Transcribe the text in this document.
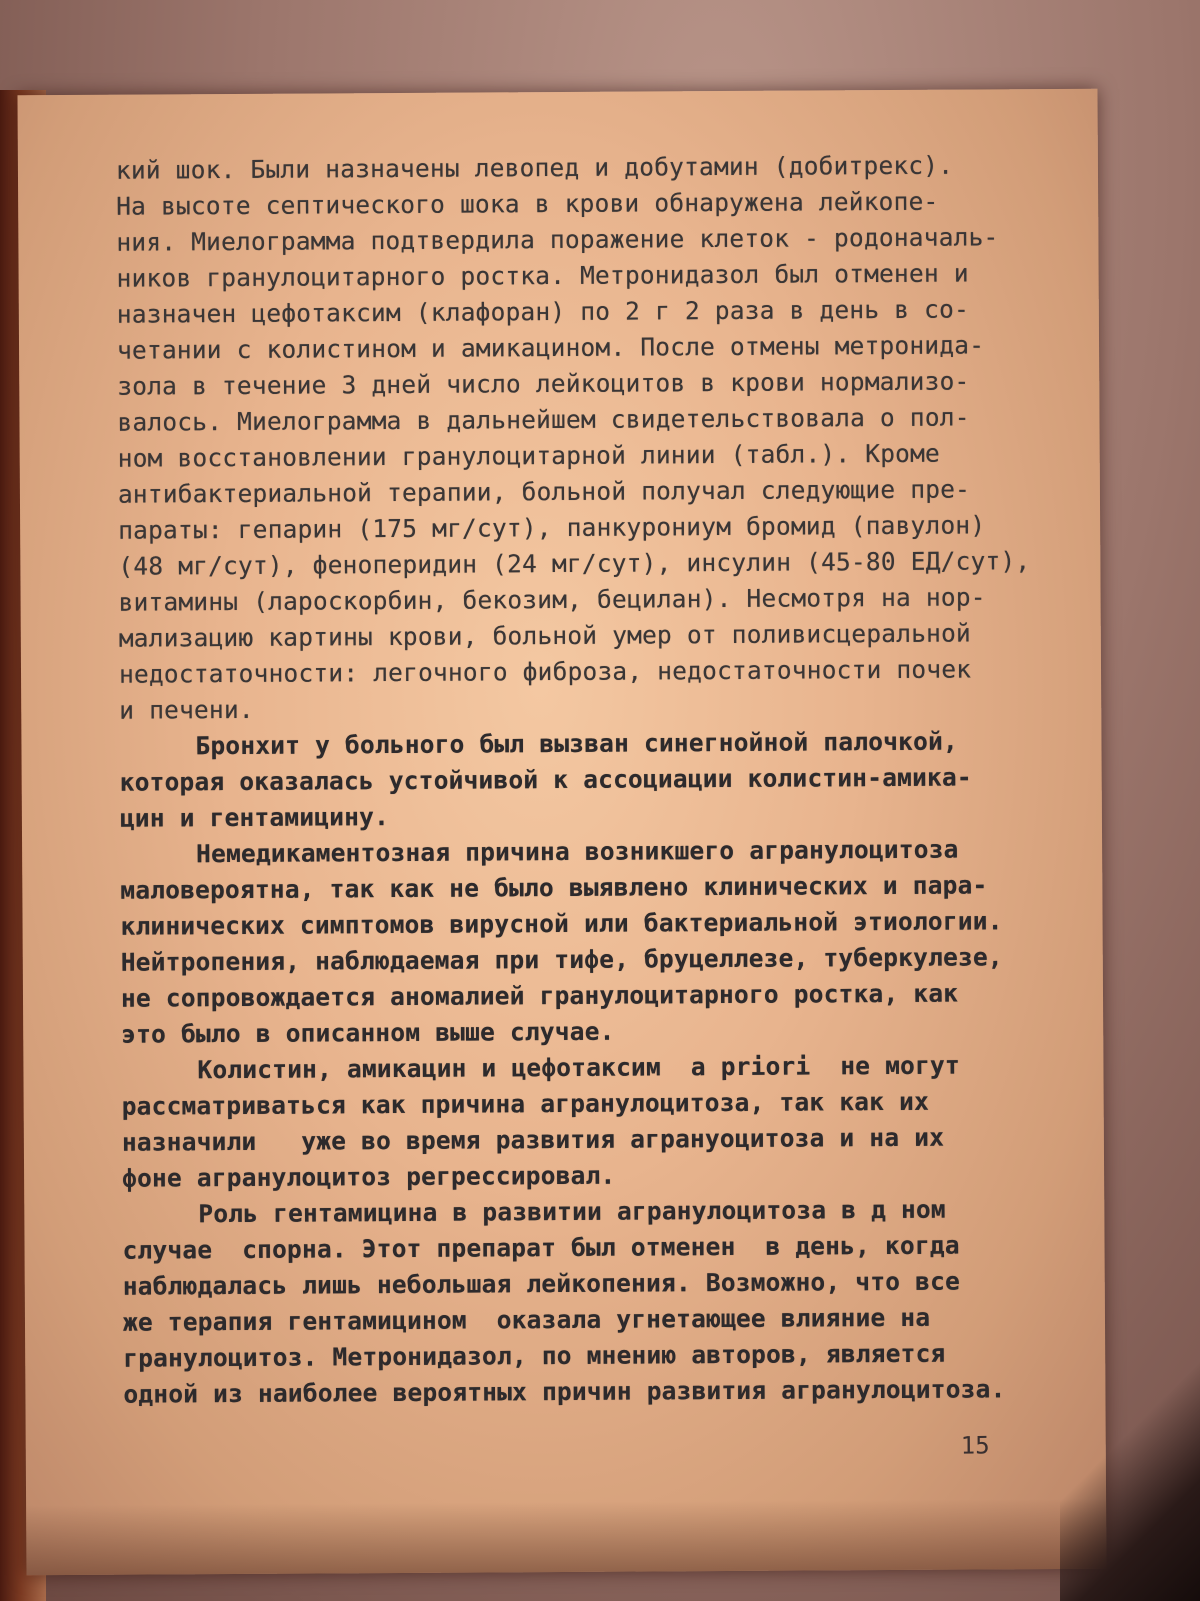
кий шок. Были назначены левопед и добутамин (добитрекс).
На высоте септического шока в крови обнаружена лейкопе-
ния. Миелограмма подтвердила поражение клеток - родоначаль-
ников гранулоцитарного ростка. Метронидазол был отменен и
назначен цефотаксим (клафоран) по 2 г 2 раза в день в со-
четании с колистином и амикацином. После отмены метронида-
зола в течение 3 дней число лейкоцитов в крови нормализо-
валось. Миелограмма в дальнейшем свидетельствовала о пол-
ном восстановлении гранулоцитарной линии (табл.). Кроме
антибактериальной терапии, больной получал следующие пре-
параты: гепарин (175 мг/сут), панкурониум бромид (павулон)
(48 мг/сут), феноперидин (24 мг/сут), инсулин (45-80 ЕД/сут),
витамины (лароскорбин, бекозим, бецилан). Несмотря на нор-
мализацию картины крови, больной умер от поливисцеральной
недостаточности: легочного фиброза, недостаточности почек
и печени.
Бронхит у больного был вызван синегнойной палочкой,
которая оказалась устойчивой к ассоциации колистин-амика-
цин и гентамицину.
Немедикаментозная причина возникшего агранулоцитоза
маловероятна, так как не было выявлено клинических и пара-
клинических симптомов вирусной или бактериальной этиологии.
Нейтропения, наблюдаемая при тифе, бруцеллезе, туберкулезе,
не сопровождается аномалией гранулоцитарного ростка, как
это было в описанном выше случае.
Колистин, амикацин и цефотаксим  a priori  не могут
рассматриваться как причина агранулоцитоза, так как их
назначили   уже во время развития агрануоцитоза и на их
фоне агранулоцитоз регрессировал.
Роль гентамицина в развитии агранулоцитоза в д ном
случае  спорна. Этот препарат был отменен  в день, когда
наблюдалась лишь небольшая лейкопения. Возможно, что все
же терапия гентамицином  оказала угнетающее влияние на
гранулоцитоз. Метронидазол, по мнению авторов, является
одной из наиболее вероятных причин развития агранулоцитоза.
15
